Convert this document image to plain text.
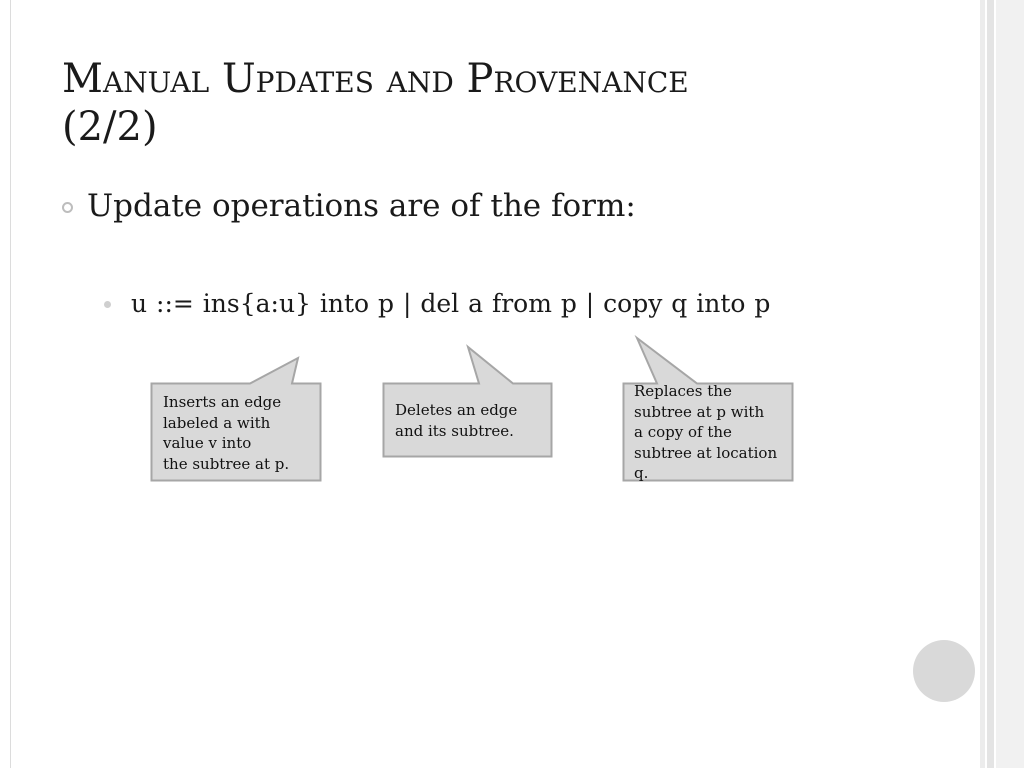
Manual Updates and Provenance
(2/2)
Update operations are of the form:
u ::= ins{a:u} into p | del a from p | copy q into p
Inserts an edge
labeled a with
value v into
the subtree at p.
Deletes an edge
and its subtree.
Replaces the
subtree at p with
a copy of the
subtree at location
q.
